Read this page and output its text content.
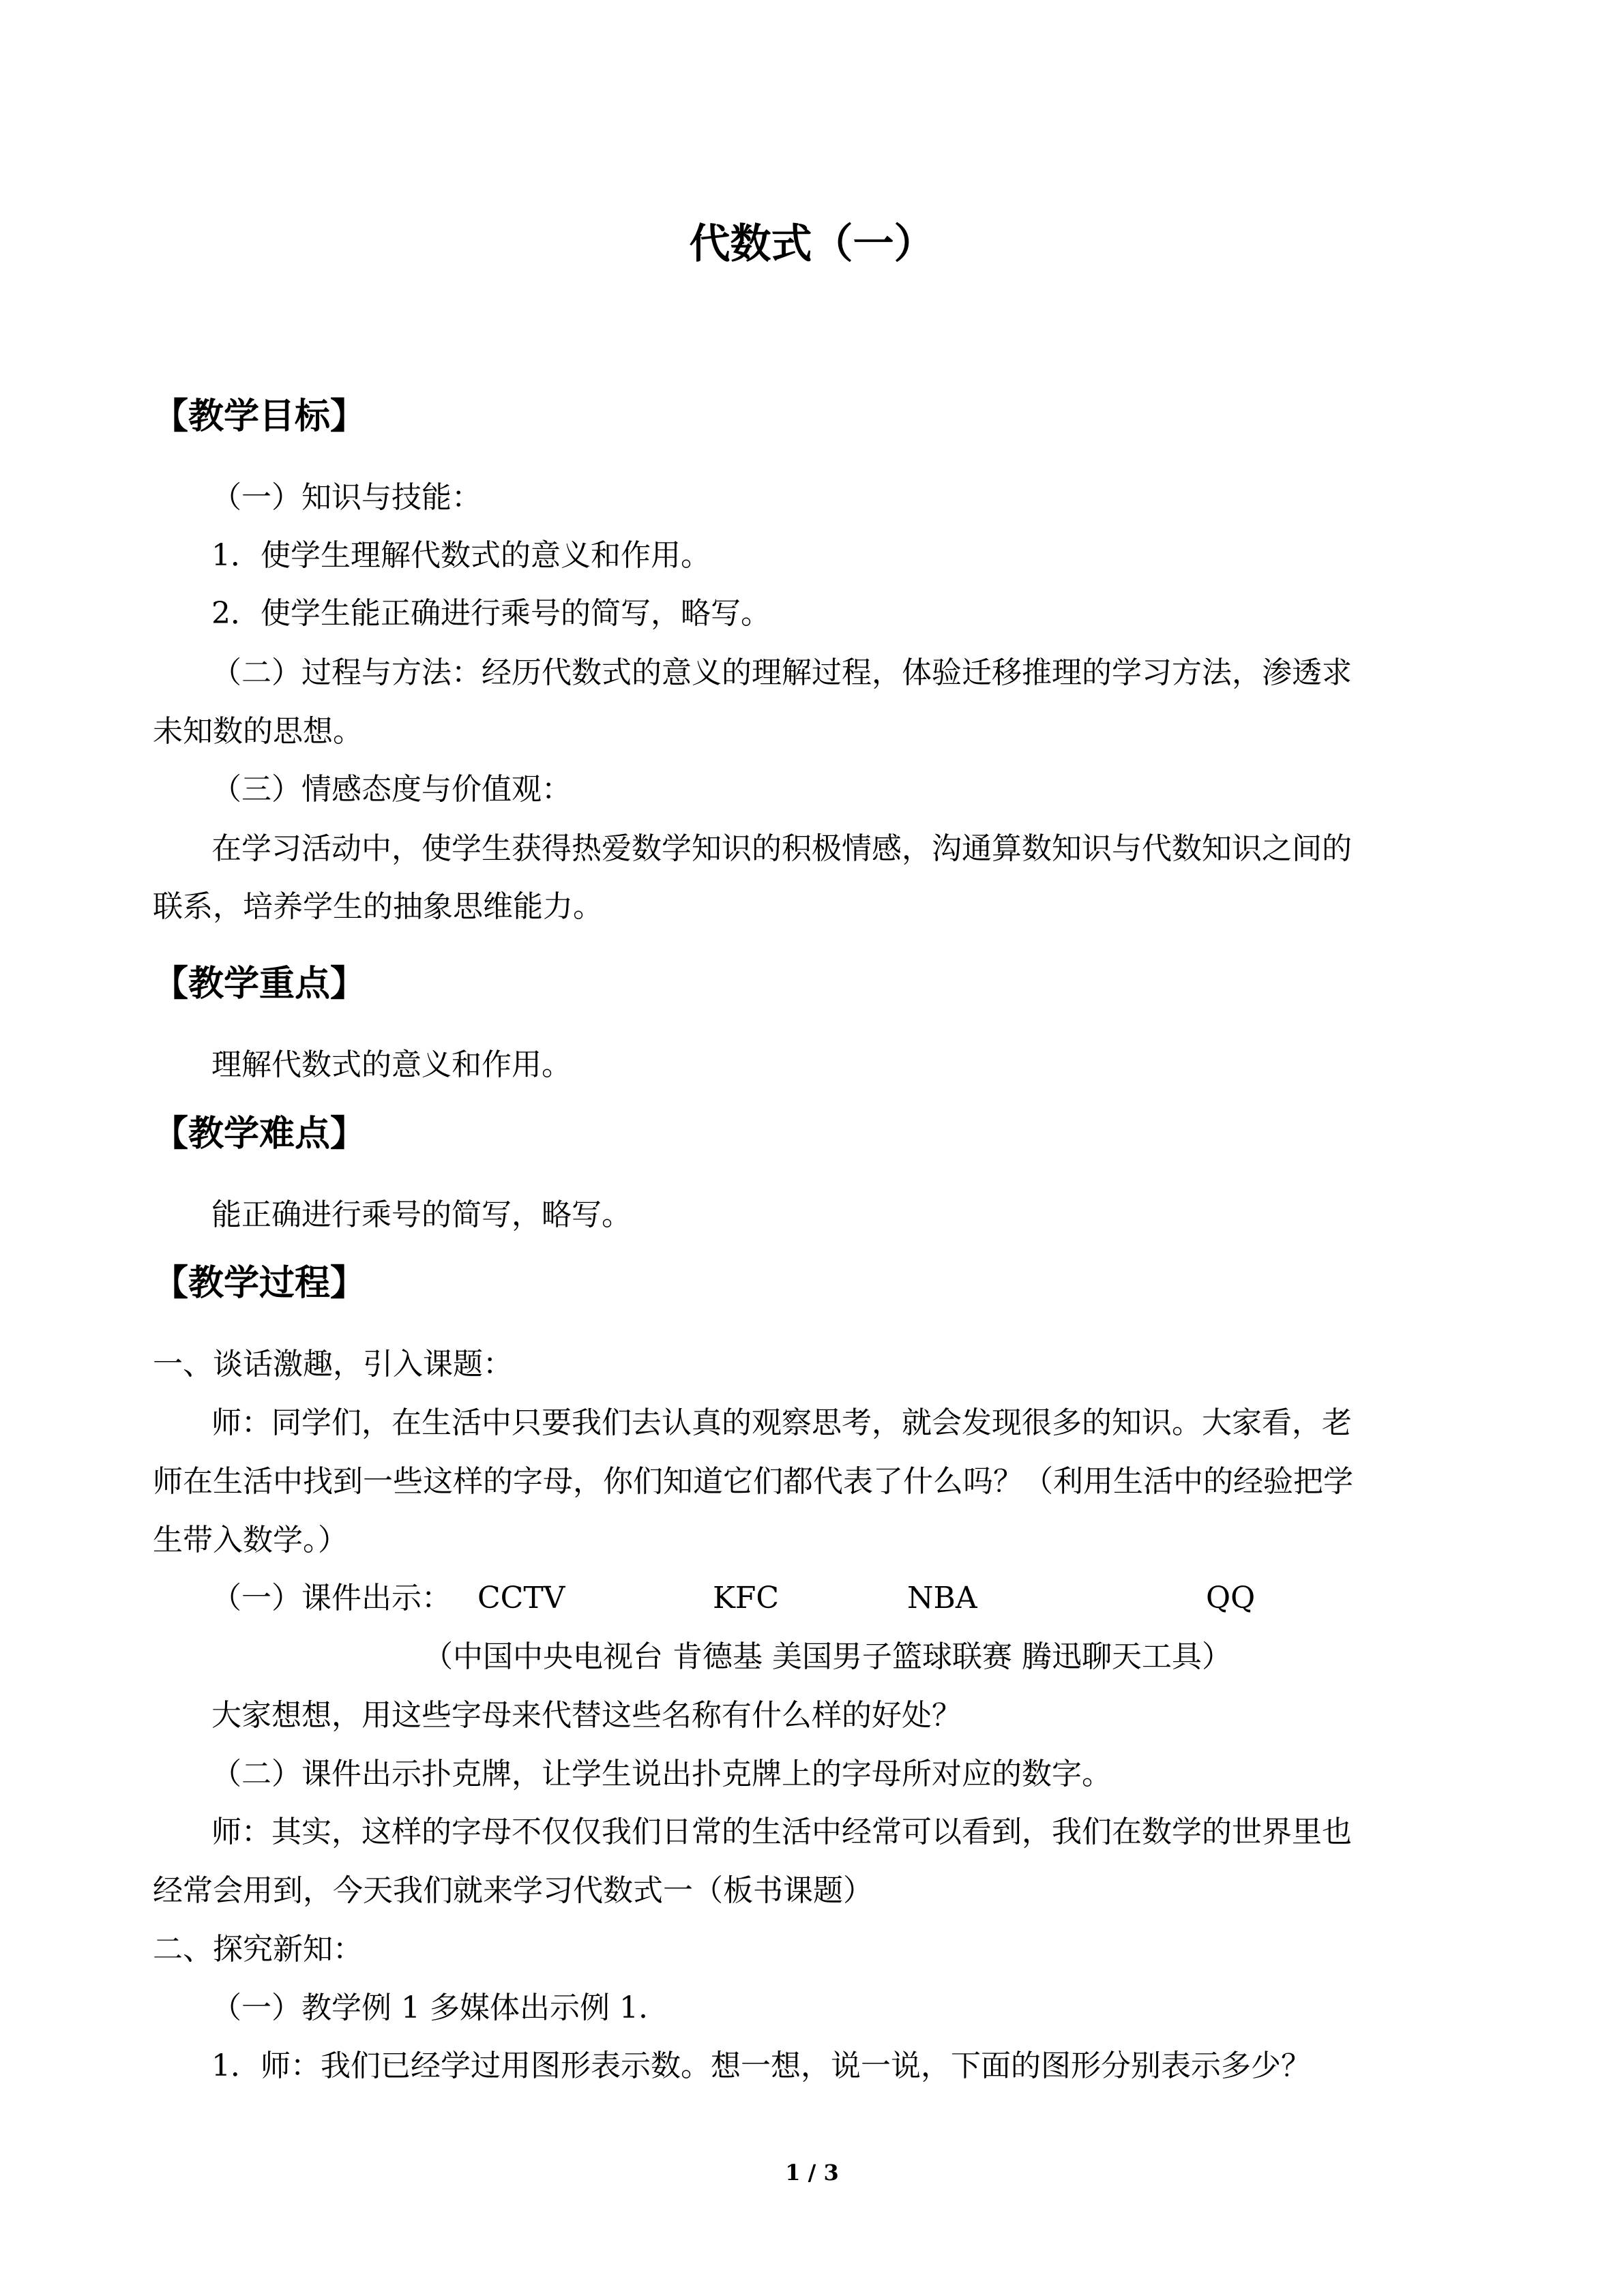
代数式（一）
【教学目标】
（一）知识与技能：
1．使学生理解代数式的意义和作用。
2．使学生能正确进行乘号的简写，略写。
（二）过程与方法：经历代数式的意义的理解过程，体验迁移推理的学习方法，渗透求
未知数的思想。
（三）情感态度与价值观：
在学习活动中，使学生获得热爱数学知识的积极情感，沟通算数知识与代数知识之间的
联系，培养学生的抽象思维能力。
【教学重点】
理解代数式的意义和作用。
【教学难点】
能正确进行乘号的简写，略写。
【教学过程】
一、谈话激趣，引入课题：
师：同学们，在生活中只要我们去认真的观察思考，就会发现很多的知识。大家看，老
师在生活中找到一些这样的字母，你们知道它们都代表了什么吗？（利用生活中的经验把学
生带入数学。）
（一）课件出示： CCTV	KFC	NBA	QQ
（中国中央电视台 肯德基 美国男子篮球联赛 腾迅聊天工具）
大家想想，用这些字母来代替这些名称有什么样的好处？
（二）课件出示扑克牌，让学生说出扑克牌上的字母所对应的数字。
师：其实，这样的字母不仅仅我们日常的生活中经常可以看到，我们在数学的世界里也
经常会用到，今天我们就来学习代数式一（板书课题）
二、探究新知：
（一）教学例 1 多媒体出示例 1.
1．师：我们已经学过用图形表示数。想一想，说一说，下面的图形分别表示多少？
1 / 3
